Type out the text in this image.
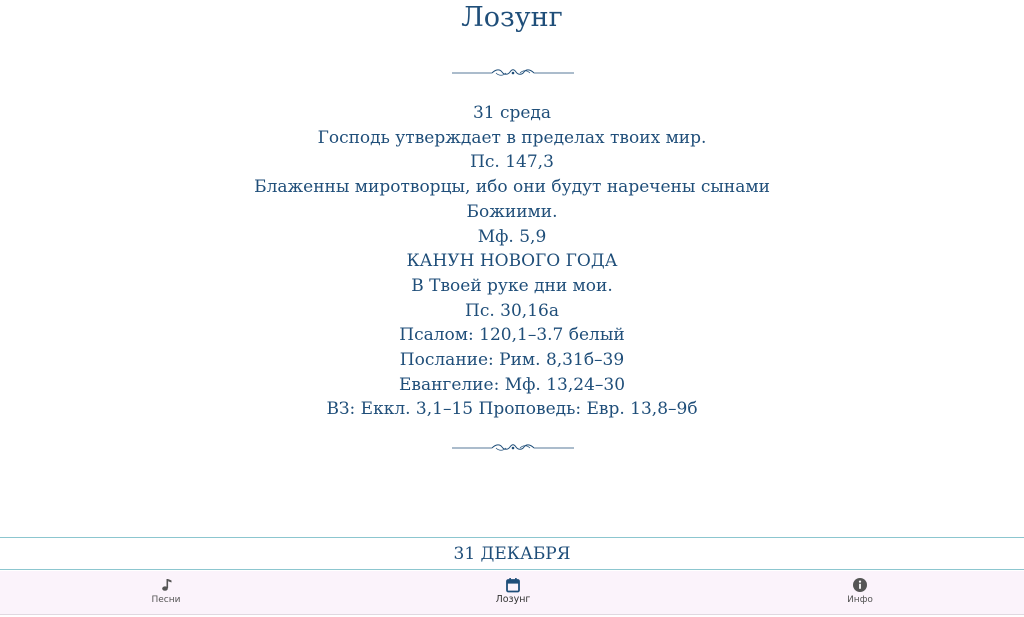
Лозунг
31 среда
Господь утверждает в пределах твоих мир.
Пс. 147,3
Блаженны миротворцы, ибо они будут наречены сынами
Божиими.
Мф. 5,9
КАНУН НОВОГО ГОДА
В Твоей руке дни мои.
Пс. 30,16а
Псалом: 120,1–3.7 белый
Послание: Рим. 8,31б–39
Евангелие: Мф. 13,24–30
ВЗ: Еккл. 3,1–15 Проповедь: Евр. 13,8–9б
31 ДЕКАБРЯ
Песни	Лозунг	Инфо
